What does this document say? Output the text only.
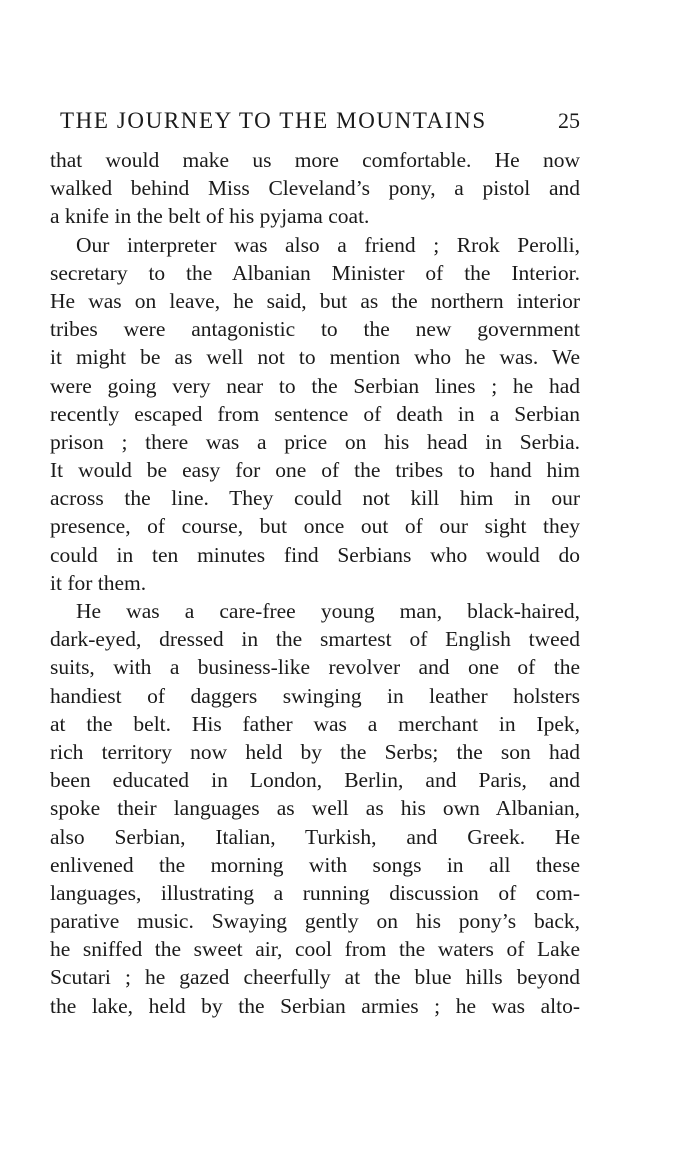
THE JOURNEY TO THE MOUNTAINS	25
that would make us more comfortable. He now
walked behind Miss Cleveland’s pony, a pistol and
a knife in the belt of his pyjama coat.
Our interpreter was also a friend ; Rrok Perolli,
secretary to the Albanian Minister of the Interior.
He was on leave, he said, but as the northern interior
tribes were antagonistic to the new government
it might be as well not to mention who he was. We
were going very near to the Serbian lines ; he had
recently escaped from sentence of death in a Serbian
prison ; there was a price on his head in Serbia.
It would be easy for one of the tribes to hand him
across the line. They could not kill him in our
presence, of course, but once out of our sight they
could in ten minutes find Serbians who would do
it for them.
He was a care-free young man, black-haired,
dark-eyed, dressed in the smartest of English tweed
suits, with a business-like revolver and one of the
handiest of daggers swinging in leather holsters
at the belt. His father was a merchant in Ipek,
rich territory now held by the Serbs; the son had
been educated in London, Berlin, and Paris, and
spoke their languages as well as his own Albanian,
also Serbian, Italian, Turkish, and Greek. He
enlivened the morning with songs in all these
languages, illustrating a running discussion of com-
parative music. Swaying gently on his pony’s back,
he sniffed the sweet air, cool from the waters of Lake
Scutari ; he gazed cheerfully at the blue hills beyond
the lake, held by the Serbian armies ; he was alto-
